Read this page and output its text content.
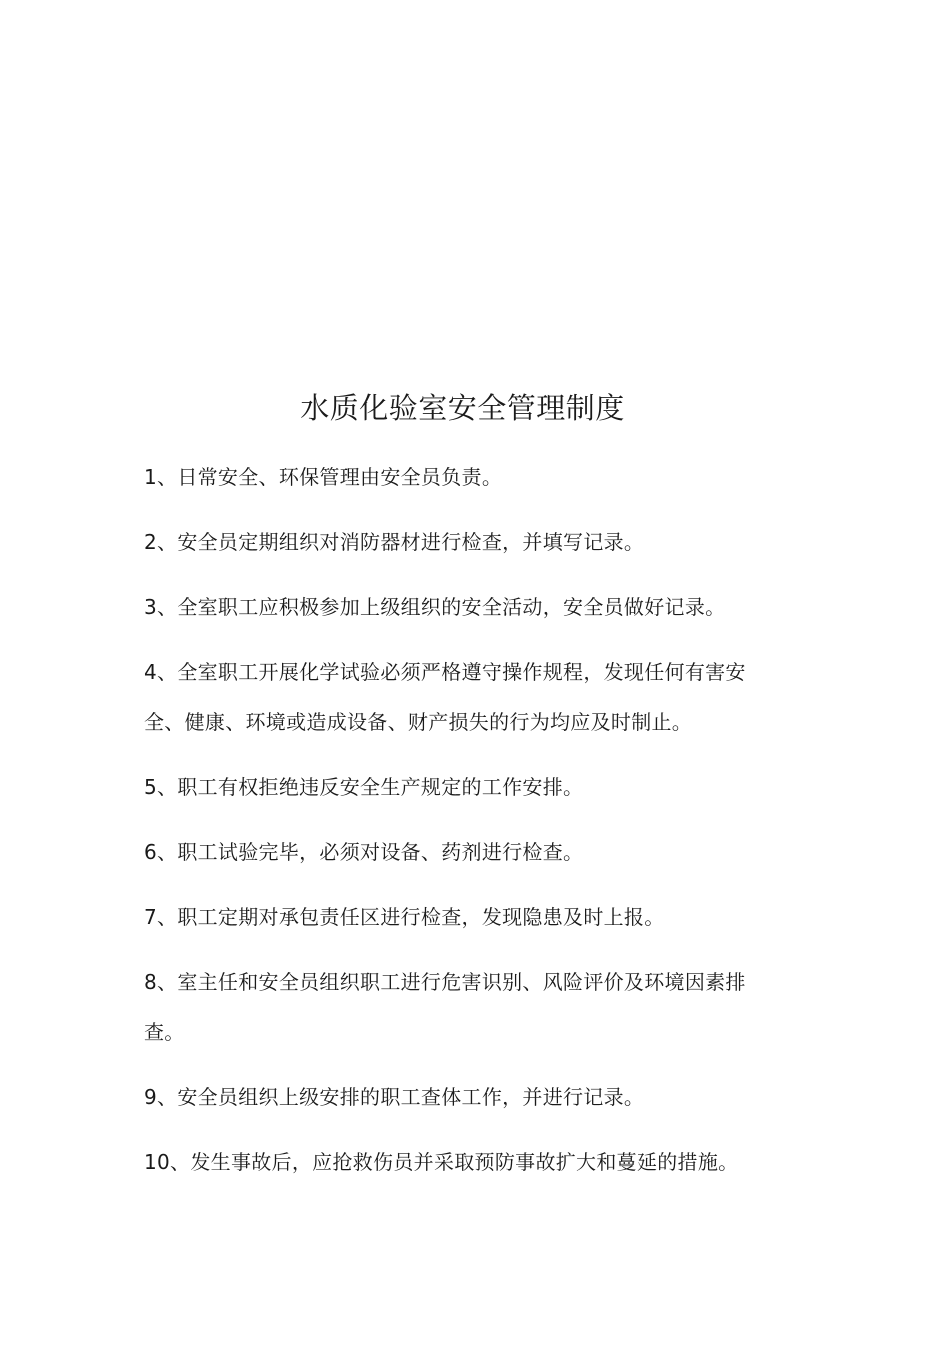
水质化验室安全管理制度
1、日常安全、环保管理由安全员负责。
2、安全员定期组织对消防器材进行检查，并填写记录。
3、全室职工应积极参加上级组织的安全活动，安全员做好记录。
4、全室职工开展化学试验必须严格遵守操作规程，发现任何有害安全、健康、环境或造成设备、财产损失的行为均应及时制止。
5、职工有权拒绝违反安全生产规定的工作安排。
6、职工试验完毕，必须对设备、药剂进行检查。
7、职工定期对承包责任区进行检查，发现隐患及时上报。
8、室主任和安全员组织职工进行危害识别、风险评价及环境因素排查。
9、安全员组织上级安排的职工查体工作，并进行记录。
10、发生事故后，应抢救伤员并采取预防事故扩大和蔓延的措施。
